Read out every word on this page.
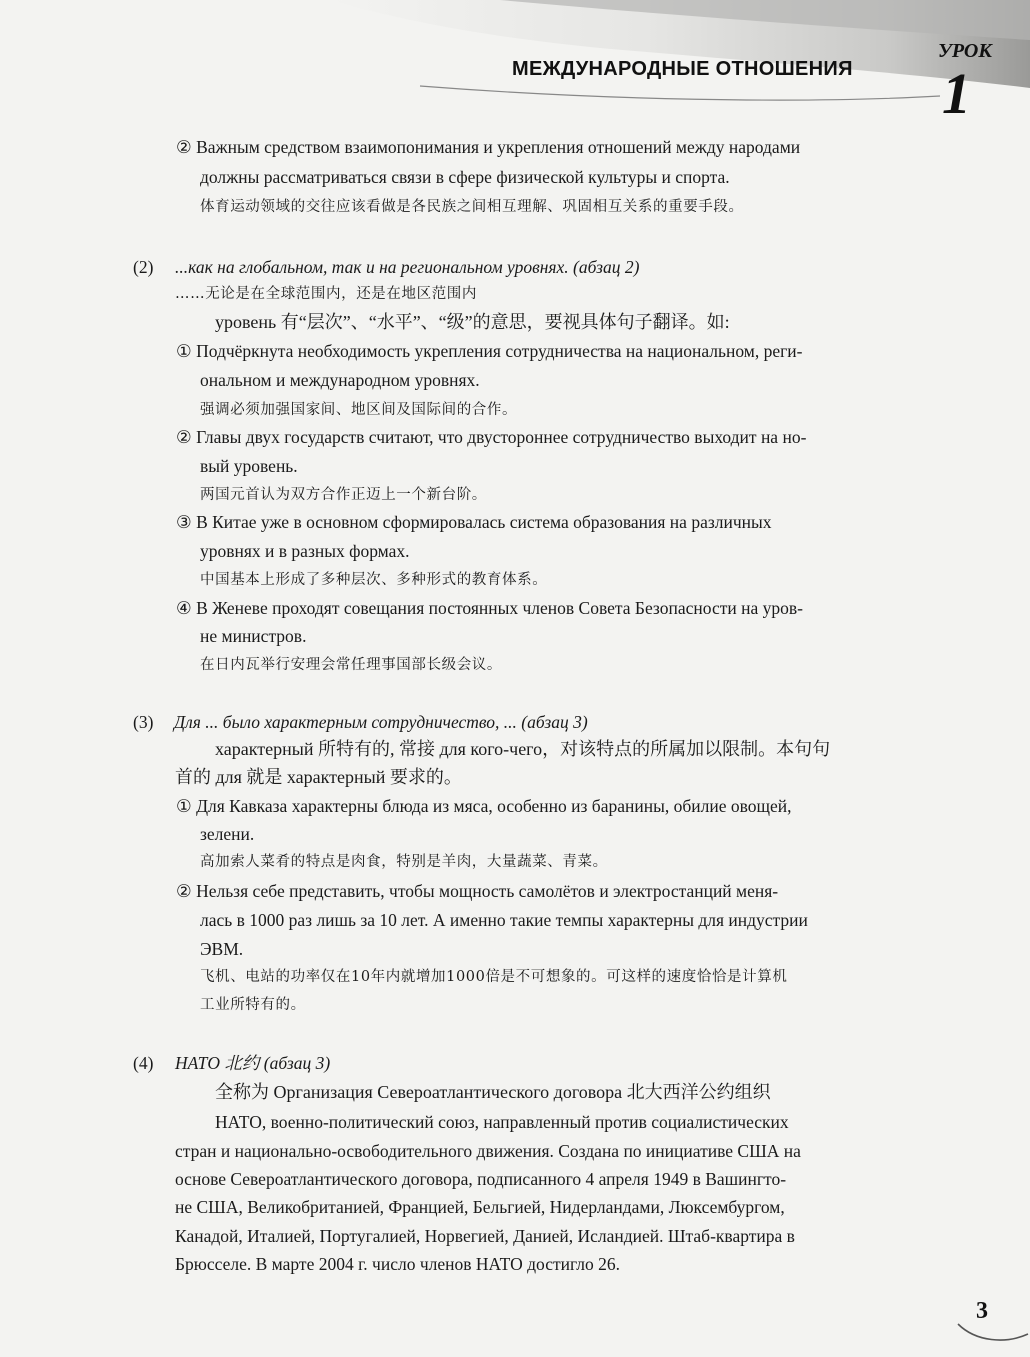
МЕЖДУНАРОДНЫЕ ОТНОШЕНИЯ
УРОК
1
② Важным средством взаимопонимания и укрепления отношений между народами
должны рассматриваться связи в сфере физической культуры и спорта.
体育运动领域的交往应该看做是各民族之间相互理解、巩固相互关系的重要手段。
(2) ...как на глобальном, так и на региональном уровнях. (абзац 2)
……无论是在全球范围内，还是在地区范围内
уровень 有“层次”、“水平”、“级”的意思，要视具体句子翻译。如:
① Подчёркнута необходимость укрепления сотрудничества на национальном, реги-
ональном и международном уровнях.
强调必须加强国家间、地区间及国际间的合作。
② Главы двух государств считают, что двустороннее сотрудничество выходит на но-
вый уровень.
两国元首认为双方合作正迈上一个新台阶。
③ В Китае уже в основном сформировалась система образования на различных
уровнях и в разных формах.
中国基本上形成了多种层次、多种形式的教育体系。
④ В Женеве проходят совещания постоянных членов Совета Безопасности на уров-
не министров.
在日内瓦举行安理会常任理事国部长级会议。
(3) Для ... было характерным сотрудничество, ... (абзац 3)
характерный 所特有的, 常接 для кого-чего，对该特点的所属加以限制。本句句
首的 для 就是 характерный 要求的。
① Для Кавказа характерны блюда из мяса, особенно из баранины, обилие овощей,
зелени.
高加索人菜肴的特点是肉食，特别是羊肉，大量蔬菜、青菜。
② Нельзя себе представить, чтобы мощность самолётов и электростанций меня-
лась в 1000 раз лишь за 10 лет. А именно такие темпы характерны для индустрии
ЭВМ.
飞机、电站的功率仅在10年内就增加1000倍是不可想象的。可这样的速度恰恰是计算机
工业所特有的。
(4) НАТО 北约 (абзац 3)
全称为 Организация Североатлантического договора 北大西洋公约组织
НАТО, военно-политический союз, направленный против социалистических
стран и национально-освободительного движения. Создана по инициативе США на
основе Североатлантического договора, подписанного 4 апреля 1949 в Вашингто-
не США, Великобританией, Францией, Бельгией, Нидерландами, Люксембургом,
Канадой, Италией, Португалией, Норвегией, Данией, Исландией. Штаб-квартира в
Брюсселе. В марте 2004 г. число членов НАТО достигло 26.
3
